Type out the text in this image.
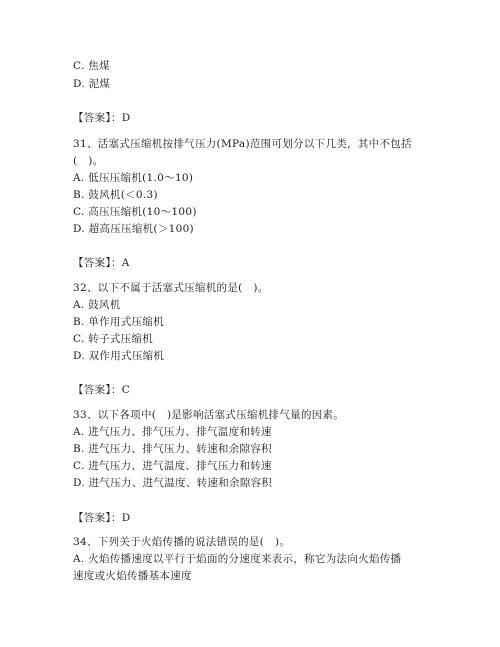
C. 焦煤
D. 泥煤
【答案】：D
31、活塞式压缩机按排气压力(MPa)范围可划分以下几类，其中不包括
(　)。
A. 低压压缩机(1.0～10)
B. 鼓风机(＜0.3)
C. 高压压缩机(10～100)
D. 超高压压缩机(＞100)
【答案】：A
32、以下不属于活塞式压缩机的是(　)。
A. 鼓风机
B. 单作用式压缩机
C. 转子式压缩机
D. 双作用式压缩机
【答案】：C
33、以下各项中(　)是影响活塞式压缩机排气量的因素。
A. 进气压力、排气压力、排气温度和转速
B. 进气压力、排气压力、转速和余隙容积
C. 进气压力、进气温度、排气压力和转速
D. 进气压力、进气温度、转速和余隙容积
【答案】：D
34、下列关于火焰传播的说法错误的是(　)。
A. 火焰传播速度以平行于焰面的分速度来表示，称它为法向火焰传播
速度或火焰传播基本速度
